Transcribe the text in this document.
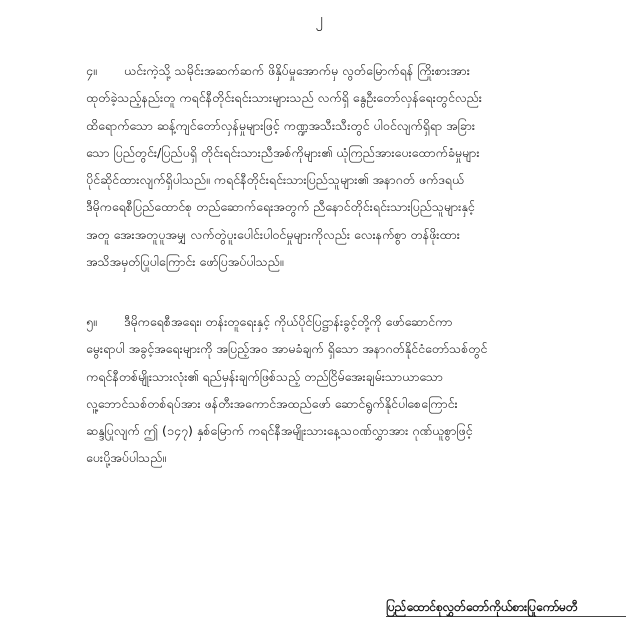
၂
၄။ ယင်းကဲ့သို့ သမိုင်းအဆက်ဆက် ဖိနှိပ်မှုအောက်မှ လွတ်မြောက်ရန် ကြိုးစားအား
ထုတ်ခဲ့သည့်နည်းတူ ကရင်နီတိုင်းရင်းသားများသည် လက်ရှိ နွေဦးတော်လှန်ရေးတွင်လည်း
ထိရောက်သော ဆန့်ကျင်တော်လှန်မှုများဖြင့် ကဏ္ဍအသီးသီးတွင် ပါဝင်လျက်ရှိရာ အခြား
သော ပြည်တွင်း/ပြည်ပရှိ တိုင်းရင်းသားညီအစ်ကိုများ၏ ယုံကြည်အားပေးထောက်ခံမှုများ
ပိုင်ဆိုင်ထားလျက်ရှိပါသည်။ ကရင်နီတိုင်းရင်းသားပြည်သူများ၏ အနာဂတ် ဖက်ဒရယ်
ဒီမိုကရေစီပြည်ထောင်စု တည်ဆောက်ရေးအတွက် ညီနောင်တိုင်းရင်းသားပြည်သူများနှင့်
အတူ အေးအတူပူအမျှ လက်တွဲပူးပေါင်းပါဝင်မှုများကိုလည်း လေးနက်စွာ တန်ဖိုးထား
အသိအမှတ်ပြုပါကြောင်း ဖော်ပြအပ်ပါသည်။
၅။ ဒီမိုကရေစီအရေး၊ တန်းတူရေးနှင့် ကိုယ်ပိုင်ပြဋ္ဌာန်းခွင့်တို့ကို ဖော်ဆောင်ကာ
မွေးရာပါ အခွင့်အရေးများကို အပြည့်အဝ အာမခံချက် ရှိသော အနာဂတ်နိုင်ငံတော်သစ်တွင်
ကရင်နီတစ်မျိုးသားလုံး၏ ရည်မှန်းချက်ဖြစ်သည့် တည်ငြိမ်အေးချမ်းသာယာသော
လူ့ဘောင်သစ်တစ်ရပ်အား ဖန်တီးအကောင်အထည်ဖော် ဆောင်ရွက်နိုင်ပါစေကြောင်း
ဆန္ဒပြုလျက် ဤ (၁၄၇) နှစ်မြောက် ကရင်နီအမျိုးသားနေ့သဝဏ်လွှာအား ဂုဏ်ယူစွာဖြင့်
ပေးပို့အပ်ပါသည်။
ပြည်ထောင်စုလွှတ်တော်ကိုယ်စားပြုကော်မတီ
